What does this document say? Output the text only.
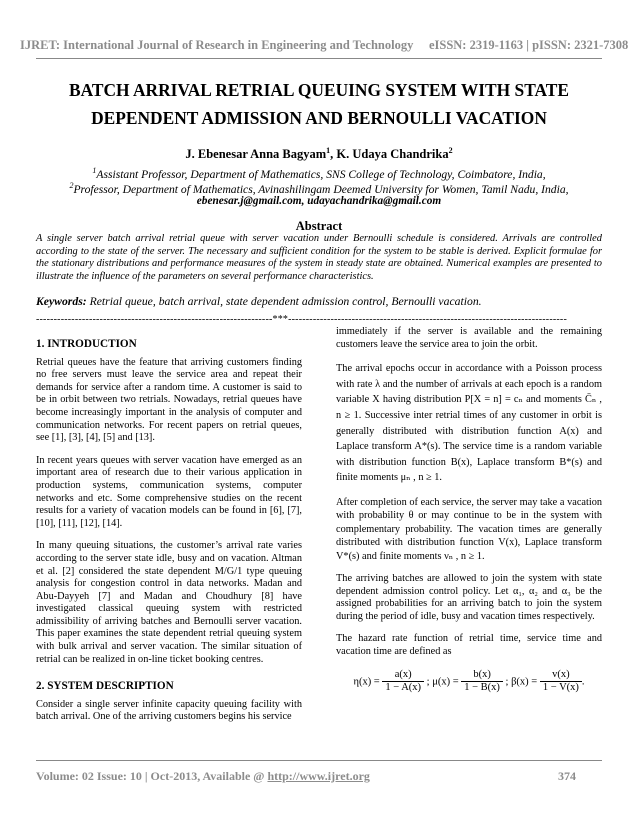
IJRET: International Journal of Research in Engineering and Technology eISSN: 2319-1163 | pISSN: 2321-7308
BATCH ARRIVAL RETRIAL QUEUING SYSTEM WITH STATE
DEPENDENT ADMISSION AND BERNOULLI VACATION
J. Ebenesar Anna Bagyam$^1$, K. Udaya Chandrika$^2$
$^1$Assistant Professor, Department of Mathematics, SNS College of Technology, Coimbatore, India,
$^2$Professor, Department of Mathematics, Avinashilingam Deemed University for Women, Tamil Nadu, India,
ebenesar.j@gmail.com, udayachandrika@gmail.com
Abstract
A single server batch arrival retrial queue with server vacation under Bernoulli schedule is considered. Arrivals are controlled according to the state of the server. The necessary and sufficient condition for the system to be stable is derived. Explicit formulae for the stationary distributions and performance measures of the system in steady state are obtained. Numerical examples are presented to illustrate the influence of the parameters on several performance characteristics.
Keywords: Retrial queue, batch arrival, state dependent admission control, Bernoulli vacation.
-------------------------------------------------------------------***-------------------------------------------------------------------------------
1. INTRODUCTION

Retrial queues have the feature that arriving customers finding no free servers must leave the service area and repeat their demands for service after a random time. A customer is said to be in orbit between two retrials. Nowadays, retrial queues have become increasingly important in the analysis of computer and communication networks. For recent papers on retrial queues, see [1], [3], [4], [5] and [13].

In recent years queues with server vacation have emerged as an important area of research due to their various application in production systems, communication systems, computer networks and etc. Some comprehensive studies on the recent results for a variety of vacation models can be found in [6], [7], [10], [11], [12], [14].

In many queuing situations, the customer’s arrival rate varies according to the server state idle, busy and on vacation. Altman et al. [2] considered the state dependent M/G/1 type queuing analysis for congestion control in data networks. Madan and Abu-Dayyeh [7] and Madan and Choudhury [8] have investigated classical queuing system with restricted admissibility of arriving batches and Bernoulli server vacation. This paper examines the state dependent retrial queuing system with bulk arrival and server vacation. The similar situation of retrial can be realized in on-line ticket booking centres.

2. SYSTEM DESCRIPTION

Consider a single server infinite capacity queuing facility with batch arrival. One of the arriving customers begins his service

immediately if the server is available and the remaining customers leave the service area to join the orbit.

The arrival epochs occur in accordance with a Poisson process with rate λ and the number of arrivals at each epoch is a random variable X having distribution P[X = n] = cₙ and moments C̄ₙ , n ≥ 1. Successive inter retrial times of any customer in orbit is generally distributed with distribution function A(x) and Laplace transform A*(s). The service time is a random variable with distribution function B(x), Laplace transform B*(s) and finite moments μₙ , n ≥ 1.

After completion of each service, the server may take a vacation with probability θ or may continue to be in the system with complementary probability. The vacation times are generally distributed with distribution function V(x), Laplace transform V*(s) and finite moments νₙ , n ≥ 1.

The arriving batches are allowed to join the system with state dependent admission control policy. Let α₁, α₂ and α₃ be the assigned probabilities for an arriving batch to join the system during the period of idle, busy and vacation times respectively.

The hazard rate function of retrial time, service time and vacation time are defined as

$\eta(x) = \frac{a(x)}{1 - A(x)}$ ; $\mu(x) = \frac{b(x)}{1 - B(x)}$ ; $\beta(x) = \frac{v(x)}{1 - V(x)}$ .
Volume: 02 Issue: 10 | Oct-2013, Available @ http://www.ijret.org	374
